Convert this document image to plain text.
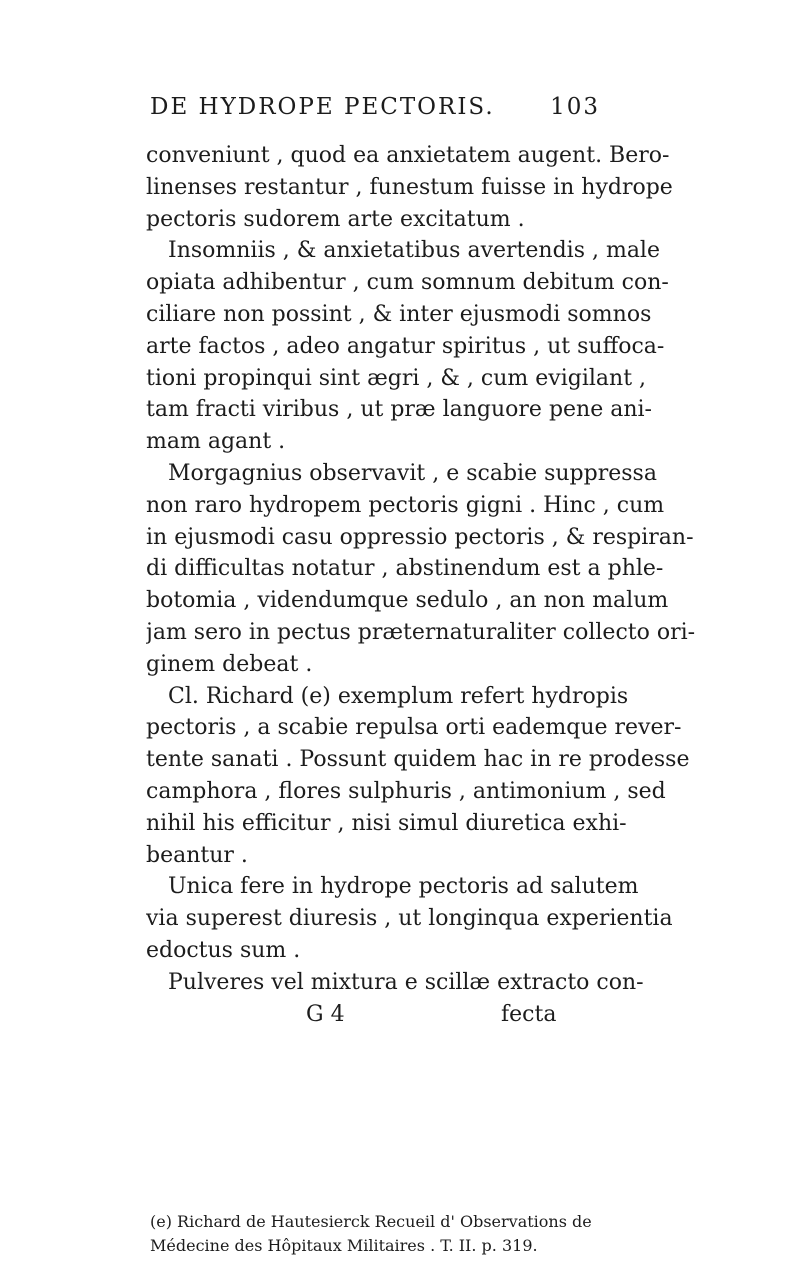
DE HYDROPE PECTORIS. 103
conveniunt , quod ea anxietatem augent. Bero-
linenses restantur , funestum fuisse in hydrope
pectoris sudorem arte excitatum .
Insomniis , & anxietatibus avertendis , male
opiata adhibentur , cum somnum debitum con-
ciliare non possint , & inter ejusmodi somnos
arte factos , adeo angatur spiritus , ut suffoca-
tioni propinqui sint ægri , & , cum evigilant ,
tam fracti viribus , ut præ languore pene ani-
mam agant .
Morgagnius observavit , e scabie suppressa
non raro hydropem pectoris gigni . Hinc , cum
in ejusmodi casu oppressio pectoris , & respiran-
di difficultas notatur , abstinendum est a phle-
botomia , videndumque sedulo , an non malum
jam sero in pectus præternaturaliter collecto ori-
ginem debeat .
Cl. Richard (e) exemplum refert hydropis
pectoris , a scabie repulsa orti eademque rever-
tente sanati . Possunt quidem hac in re prodesse
camphora , flores sulphuris , antimonium , sed
nihil his efficitur , nisi simul diuretica exhi-
beantur .
Unica fere in hydrope pectoris ad salutem
via superest diuresis , ut longinqua experientia
edoctus sum .
Pulveres vel mixtura e scillæ extracto con-
G 4	fecta
(e) Richard de Hautesierck Recueil d' Observations de
Médecine des Hôpitaux Militaires . T. II. p. 319.
